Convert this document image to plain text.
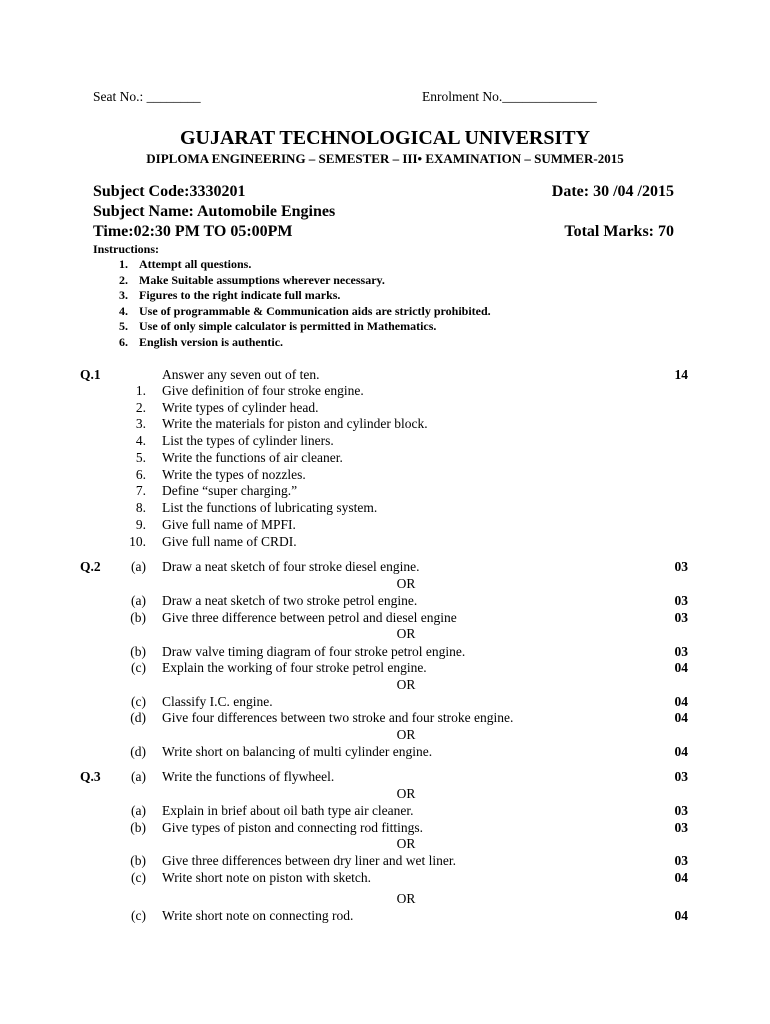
Seat No.: ________	Enrolment No.______________
GUJARAT TECHNOLOGICAL UNIVERSITY
DIPLOMA ENGINEERING – SEMESTER – III• EXAMINATION – SUMMER-2015
Subject Code:3330201	Date: 30 /04 /2015
Subject Name: Automobile Engines
Time:02:30 PM TO 05:00PM	Total Marks: 70
Instructions:
1. Attempt all questions.
2. Make Suitable assumptions wherever necessary.
3. Figures to the right indicate full marks.
4. Use of programmable & Communication aids are strictly prohibited.
5. Use of only simple calculator is permitted in Mathematics.
6. English version is authentic.
Q.1	Answer any seven out of ten.	14
1. Give definition of four stroke engine.
2. Write types of cylinder head.
3. Write the materials for piston and cylinder block.
4. List the types of cylinder liners.
5. Write the functions of air cleaner.
6. Write the types of nozzles.
7. Define “super charging.”
8. List the functions of lubricating system.
9. Give full name of MPFI.
10. Give full name of CRDI.
Q.2	(a) Draw a neat sketch of four stroke diesel engine.	03
OR
(a) Draw a neat sketch of two stroke petrol engine.	03
(b) Give three difference between petrol and diesel engine	03
OR
(b) Draw valve timing diagram of four stroke petrol engine.	03
(c) Explain the working of four stroke petrol engine.	04
OR
(c) Classify I.C. engine.	04
(d) Give four differences between two stroke and four stroke engine.	04
OR
(d) Write short on balancing of multi cylinder engine.	04
Q.3	(a) Write the functions of flywheel.	03
OR
(a) Explain in brief about oil bath type air cleaner.	03
(b) Give types of piston and connecting rod fittings.	03
OR
(b) Give three differences between dry liner and wet liner.	03
(c) Write short note on piston with sketch.	04
OR
(c) Write short note on connecting rod.	04
